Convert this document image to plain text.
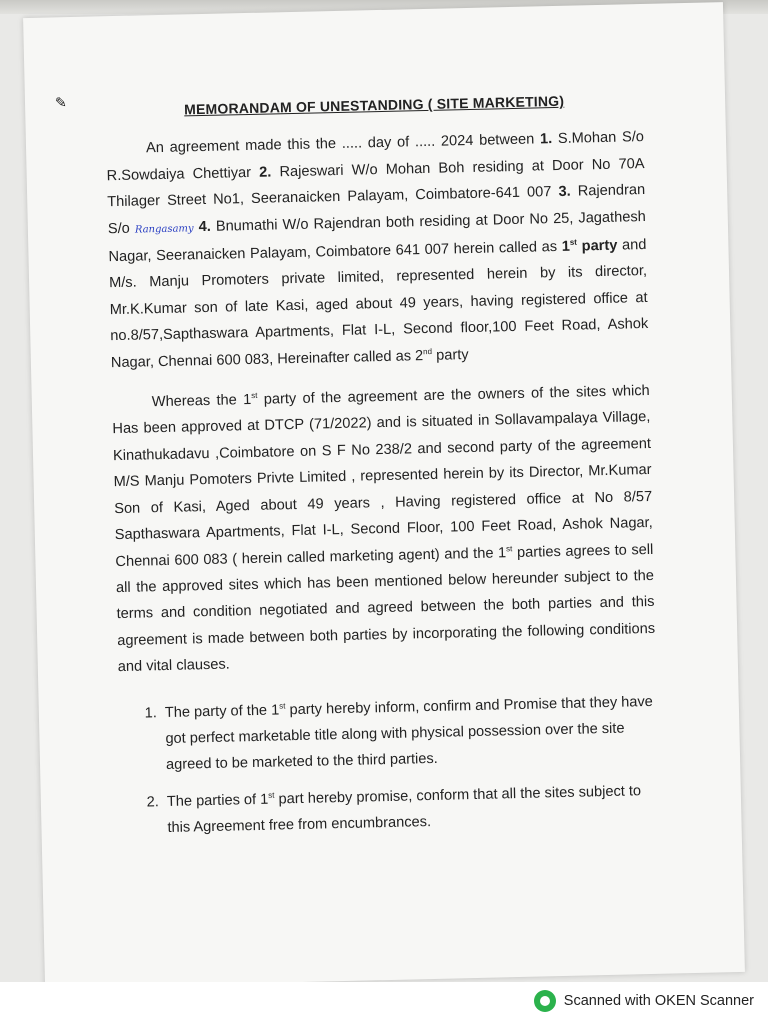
✎	MEMORANDAM OF UNESTANDING ( SITE MARKETING)

An agreement made this the ..... day of ..... 2024 between 1. S.Mohan S/o R.Sowdaiya Chettiyar 2. Rajeswari W/o Mohan Boh residing at Door No 70A Thilager Street No1, Seeranaicken Palayam, Coimbatore-641 007 3. Rajendran S/o Rangasamy 4. Bnumathi W/o Rajendran both residing at Door No 25, Jagathesh Nagar, Seeranaicken Palayam, Coimbatore 641 007 herein called as 1st party and M/s. Manju Promoters private limited, represented herein by its director, Mr.K.Kumar son of late Kasi, aged about 49 years, having registered office at no.8/57,Sapthaswara Apartments, Flat I-L, Second floor,100 Feet Road, Ashok Nagar, Chennai 600 083, Hereinafter called as 2nd party

Whereas the 1st party of the agreement are the owners of the sites which Has been approved at DTCP (71/2022) and is situated in Sollavampalaya Village, Kinathukadavu ,Coimbatore on S F No 238/2 and second party of the agreement M/S Manju Pomoters Privte Limited , represented herein by its Director, Mr.Kumar Son of Kasi, Aged about 49 years , Having registered office at No 8/57 Sapthaswara Apartments, Flat I-L, Second Floor, 100 Feet Road, Ashok Nagar, Chennai 600 083 ( herein called marketing agent) and the 1st parties agrees to sell all the approved sites which has been mentioned below hereunder subject to the terms and condition negotiated and agreed between the both parties and this agreement is made between both parties by incorporating the following conditions and vital clauses.

1. The party of the 1st party hereby inform, confirm and Promise that they have got perfect marketable title along with physical possession over the site agreed to be marketed to the third parties.
2. The parties of 1st part hereby promise, conform that all the sites subject to this Agreement free from encumbrances.
Scanned with OKEN Scanner
